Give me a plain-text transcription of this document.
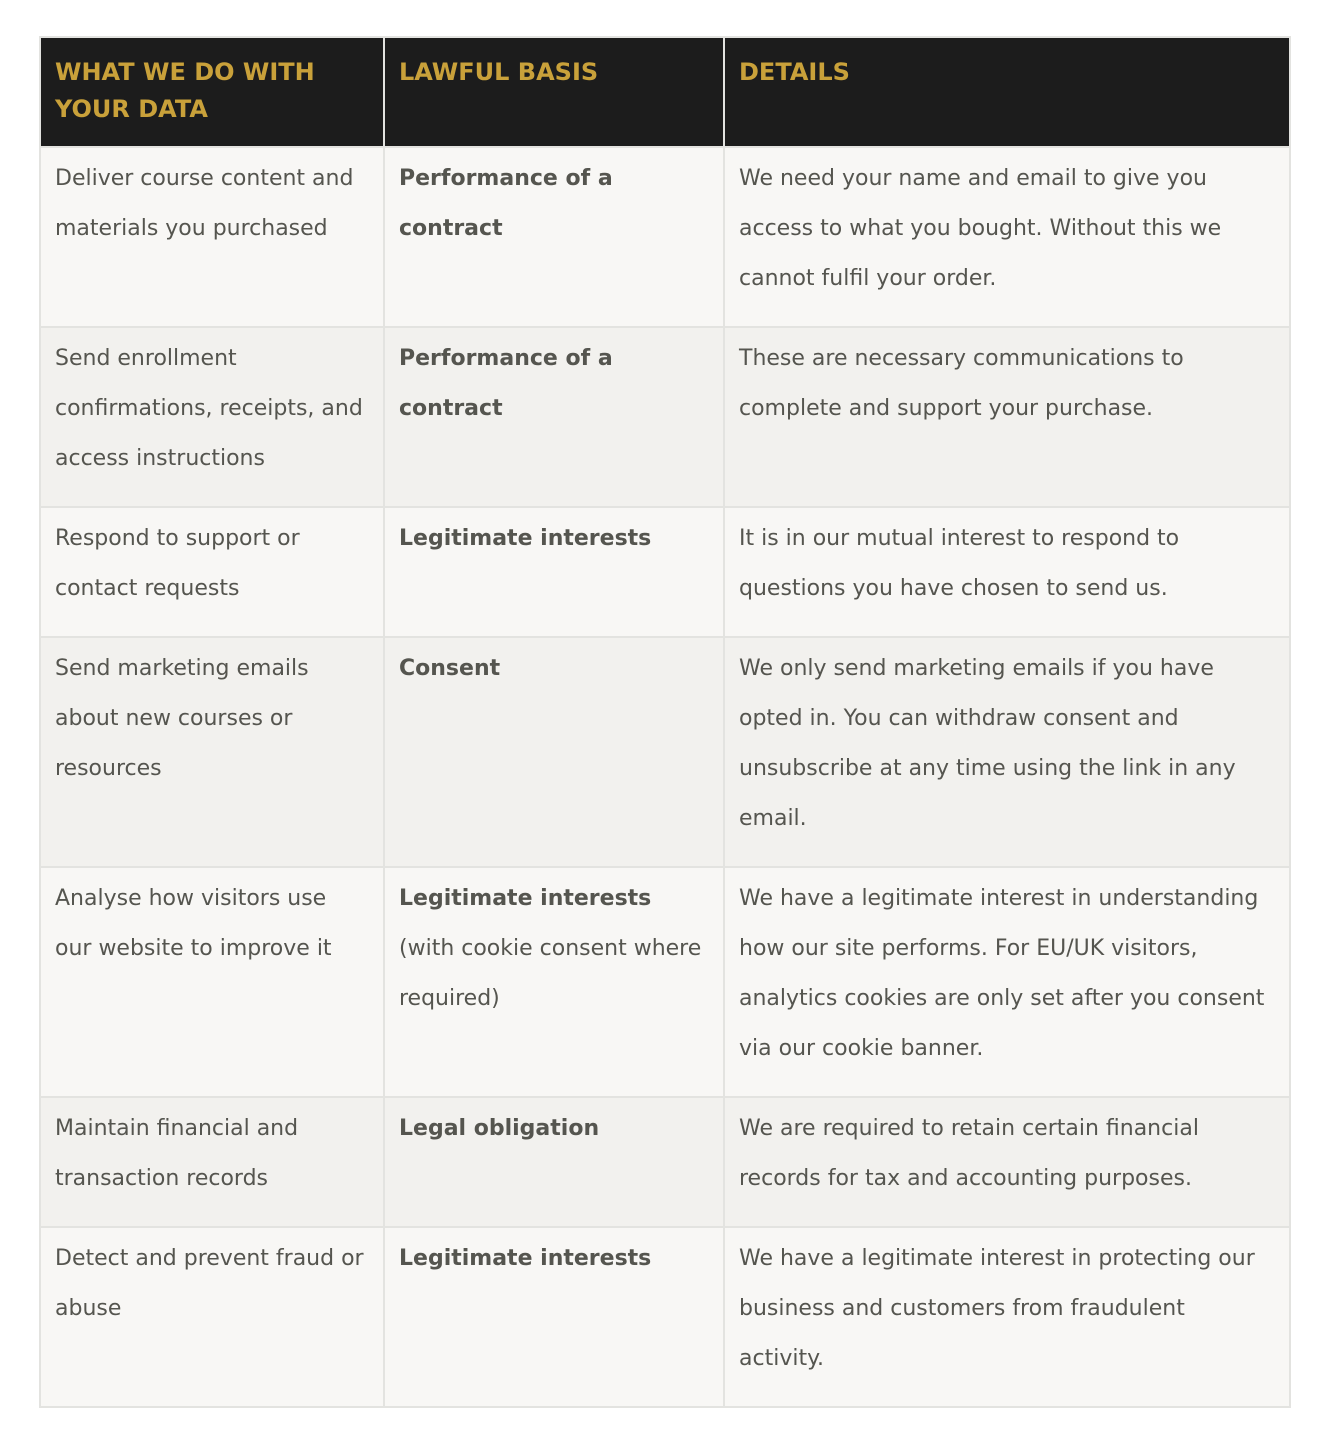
WHAT WE DO WITH YOUR DATA	LAWFUL BASIS	DETAILS
Deliver course content and materials you purchased	Performance of a contract	We need your name and email to give you access to what you bought. Without this we cannot fulfil your order.
Send enrollment confirmations, receipts, and access instructions	Performance of a contract	These are necessary communications to complete and support your purchase.
Respond to support or contact requests	Legitimate interests	It is in our mutual interest to respond to questions you have chosen to send us.
Send marketing emails about new courses or resources	Consent	We only send marketing emails if you have opted in. You can withdraw consent and unsubscribe at any time using the link in any email.
Analyse how visitors use our website to improve it	Legitimate interests (with cookie consent where required)	We have a legitimate interest in understanding how our site performs. For EU/UK visitors, analytics cookies are only set after you consent via our cookie banner.
Maintain financial and transaction records	Legal obligation	We are required to retain certain financial records for tax and accounting purposes.
Detect and prevent fraud or abuse	Legitimate interests	We have a legitimate interest in protecting our business and customers from fraudulent activity.
